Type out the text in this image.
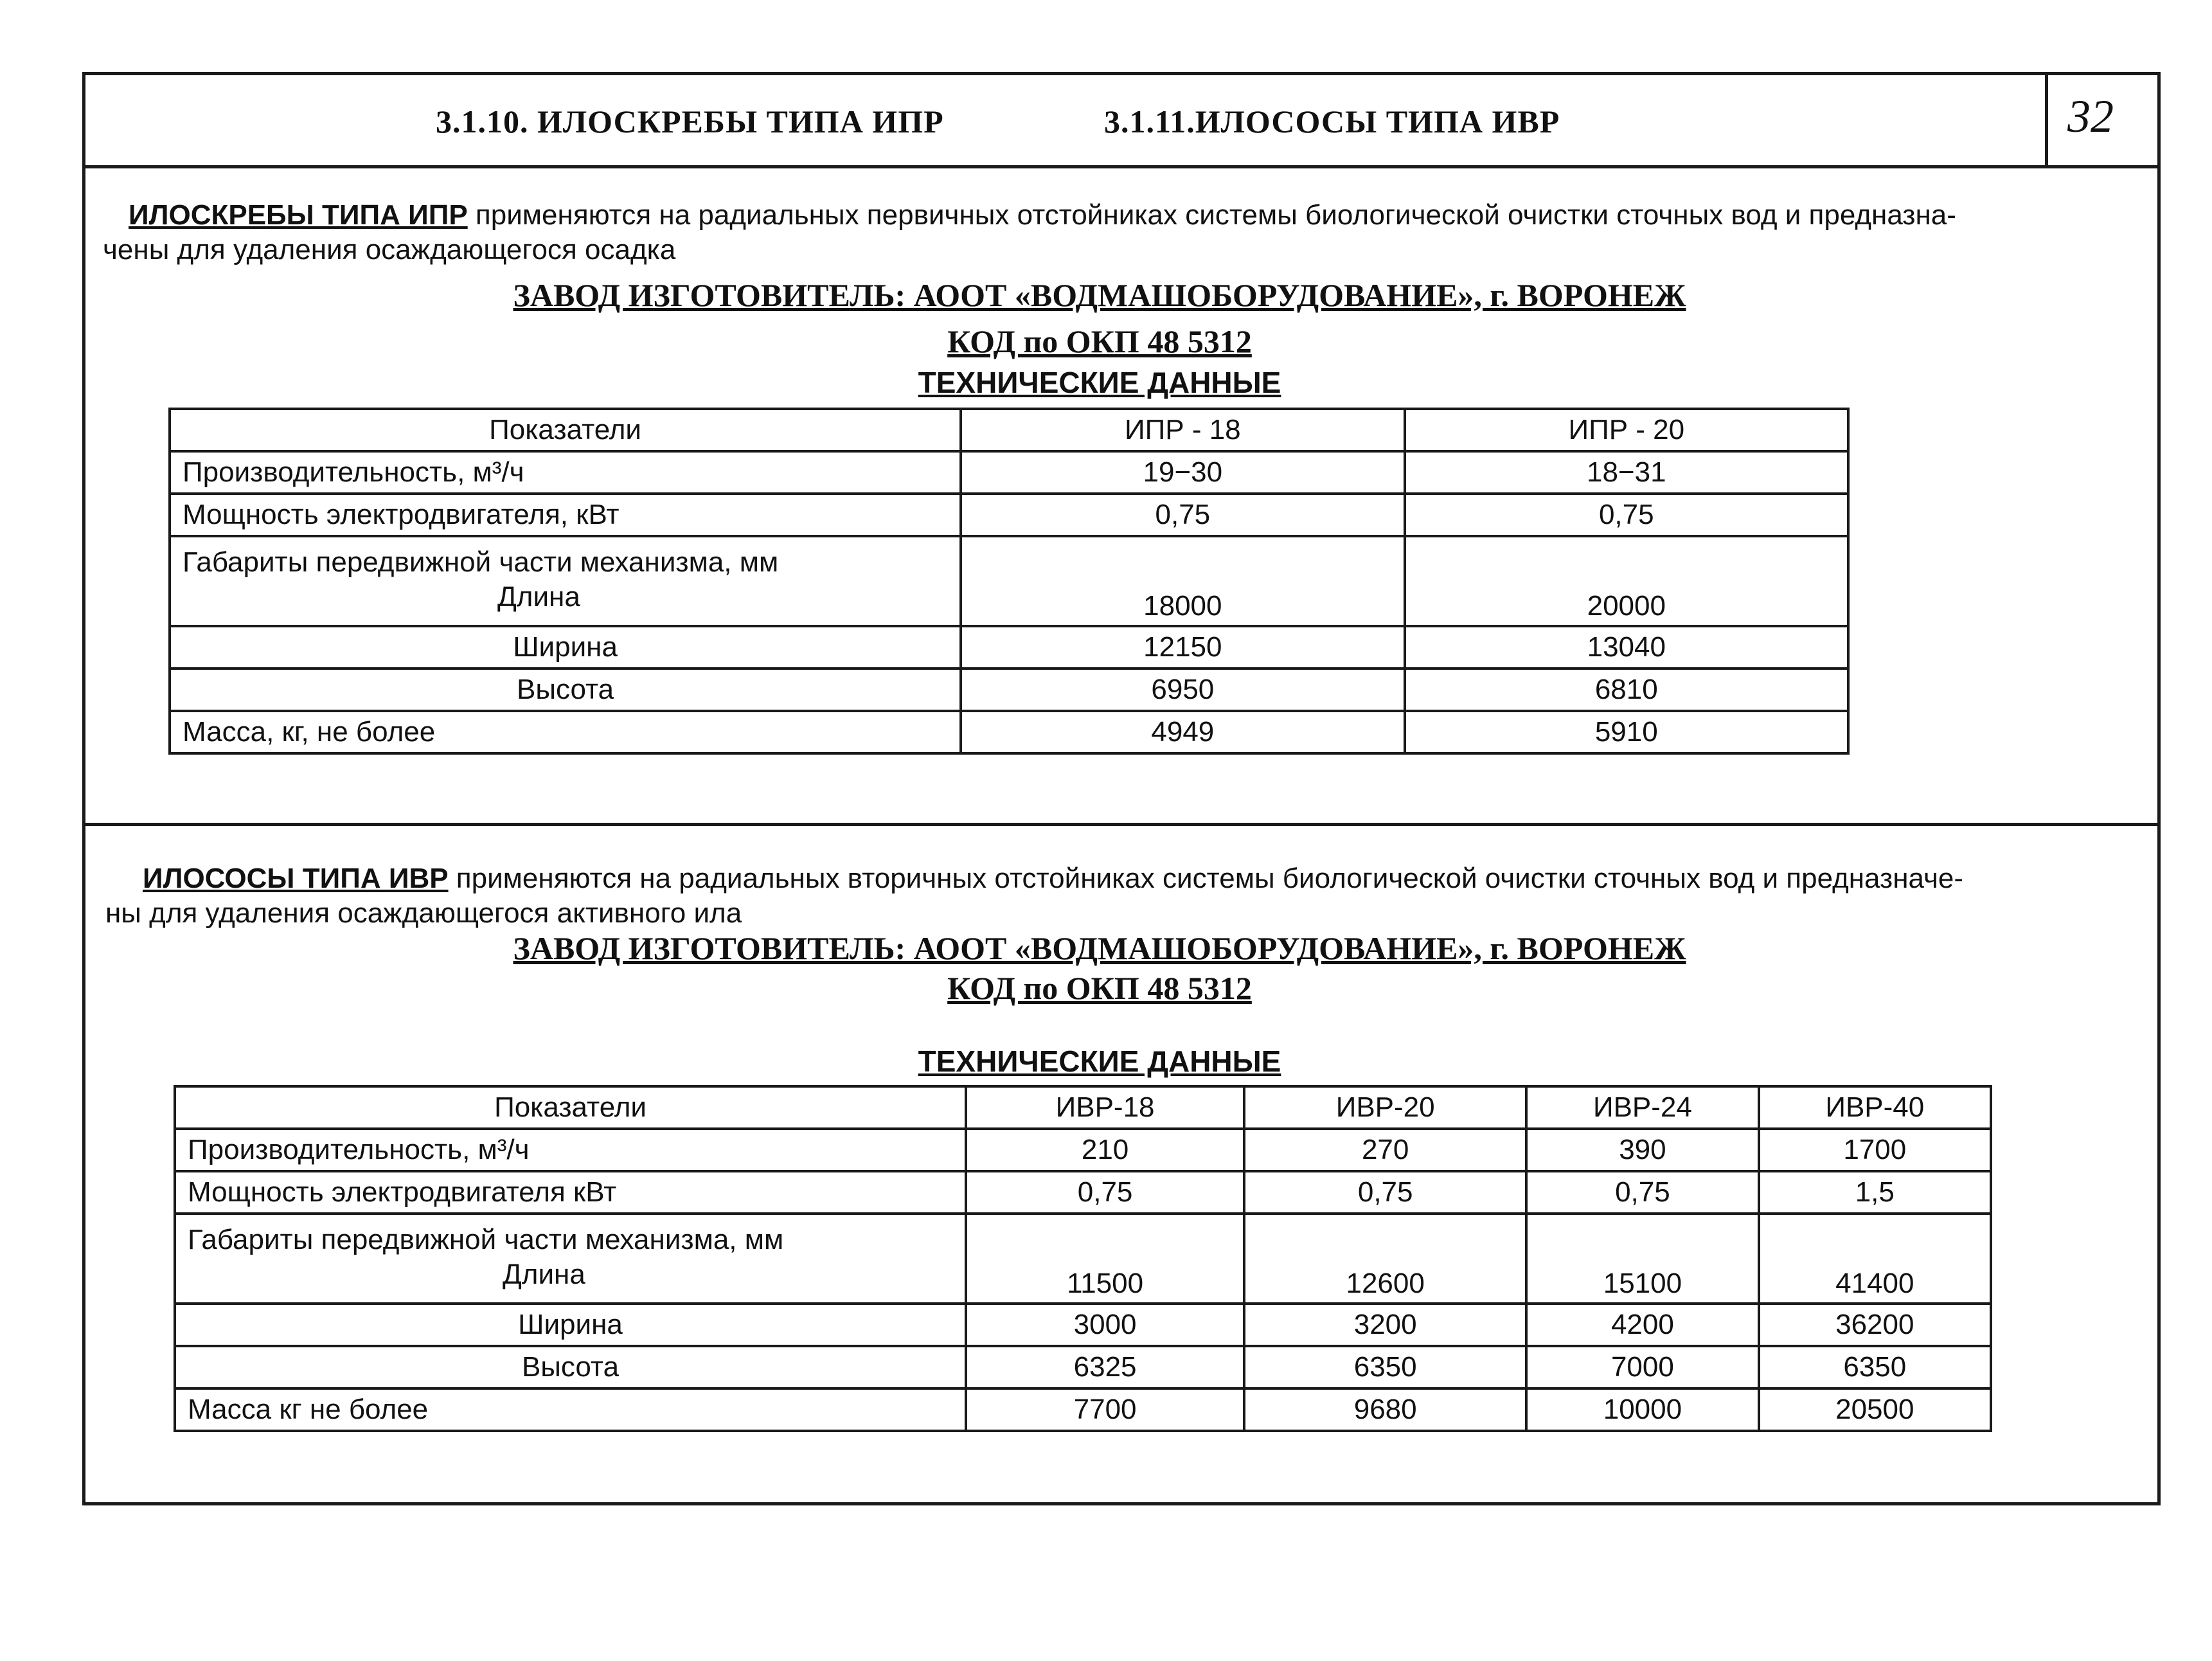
3.1.10. ИЛОСКРЕБЫ ТИПА ИПР	3.1.11.ИЛОСОСЫ ТИПА ИВР	32
ИЛОСКРЕБЫ ТИПА ИПР применяются на радиальных первичных отстойниках системы биологической очистки сточных вод и предназна-
чены для удаления осаждающегося осадка
ЗАВОД ИЗГОТОВИТЕЛЬ: АООТ «ВОДМАШОБОРУДОВАНИЕ», г. ВОРОНЕЖ
КОД по ОКП 48 5312
ТЕХНИЧЕСКИЕ ДАННЫЕ
Показатели	ИПР - 18	ИПР - 20
Производительность, м³/ч	19−30	18−31
Мощность электродвигателя, кВт	0,75	0,75
Габариты передвижной части механизма, мм
Длина	18000	20000
Ширина	12150	13040
Высота	6950	6810
Масса, кг, не более	4949	5910
ИЛОСОСЫ ТИПА ИВР применяются на радиальных вторичных отстойниках системы биологической очистки сточных вод и предназначе-
ны для удаления осаждающегося активного ила
ЗАВОД ИЗГОТОВИТЕЛЬ: АООТ «ВОДМАШОБОРУДОВАНИЕ», г. ВОРОНЕЖ
КОД по ОКП 48 5312
ТЕХНИЧЕСКИЕ ДАННЫЕ
Показатели	ИВР-18	ИВР-20	ИВР-24	ИВР-40
Производительность, м³/ч	210	270	390	1700
Мощность электродвигателя кВт	0,75	0,75	0,75	1,5
Габариты передвижной части механизма, мм
Длина	11500	12600	15100	41400
Ширина	3000	3200	4200	36200
Высота	6325	6350	7000	6350
Масса кг не более	7700	9680	10000	20500
